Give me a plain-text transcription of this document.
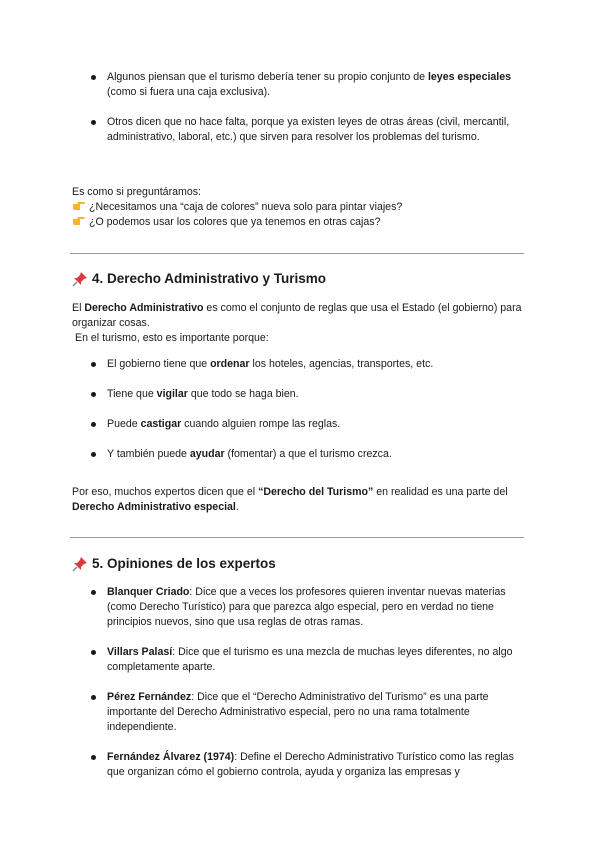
Algunos piensan que el turismo debería tener su propio conjunto de leyes especiales (como si fuera una caja exclusiva).
Otros dicen que no hace falta, porque ya existen leyes de otras áreas (civil, mercantil, administrativo, laboral, etc.) que sirven para resolver los problemas del turismo.
Es como si preguntáramos:
¿Necesitamos una “caja de colores” nueva solo para pintar viajes?
¿O podemos usar los colores que ya tenemos en otras cajas?
4. Derecho Administrativo y Turismo
El Derecho Administrativo es como el conjunto de reglas que usa el Estado (el gobierno) para organizar cosas.
En el turismo, esto es importante porque:
El gobierno tiene que ordenar los hoteles, agencias, transportes, etc.
Tiene que vigilar que todo se haga bien.
Puede castigar cuando alguien rompe las reglas.
Y también puede ayudar (fomentar) a que el turismo crezca.
Por eso, muchos expertos dicen que el “Derecho del Turismo” en realidad es una parte del Derecho Administrativo especial.
5. Opiniones de los expertos
Blanquer Criado: Dice que a veces los profesores quieren inventar nuevas materias (como Derecho Turístico) para que parezca algo especial, pero en verdad no tiene principios nuevos, sino que usa reglas de otras ramas.
Villars Palasí: Dice que el turismo es una mezcla de muchas leyes diferentes, no algo completamente aparte.
Pérez Fernández: Dice que el “Derecho Administrativo del Turismo” es una parte importante del Derecho Administrativo especial, pero no una rama totalmente independiente.
Fernández Álvarez (1974): Define el Derecho Administrativo Turístico como las reglas que organizan cómo el gobierno controla, ayuda y organiza las empresas y
